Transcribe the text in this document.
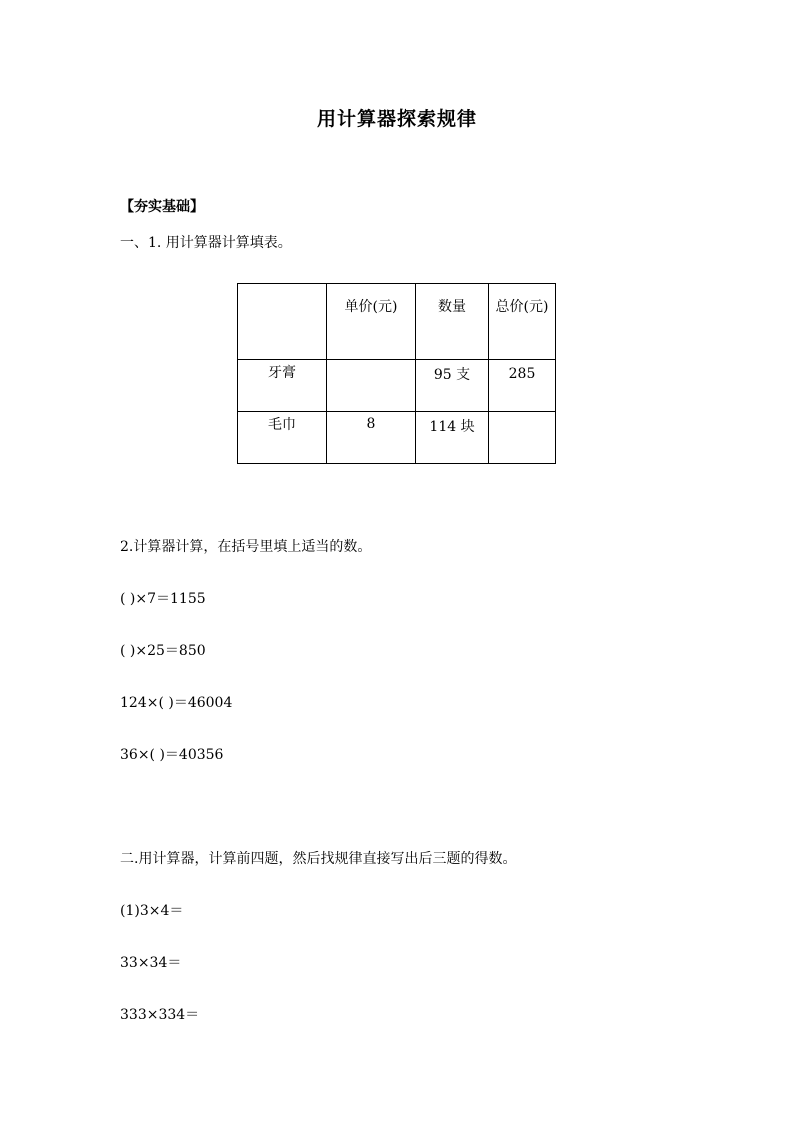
用计算器探索规律
【夯实基础】
一、1. 用计算器计算填表。

	单价(元)	数量	总价(元)

牙膏		95 支	285

毛巾	8	114 块	

2.计算器计算，在括号里填上适当的数。
( )×7＝1155
( )×25＝850
124×( )＝46004
36×( )＝40356
二.用计算器，计算前四题，然后找规律直接写出后三题的得数。
(1)3×4＝
33×34＝
333×334＝
